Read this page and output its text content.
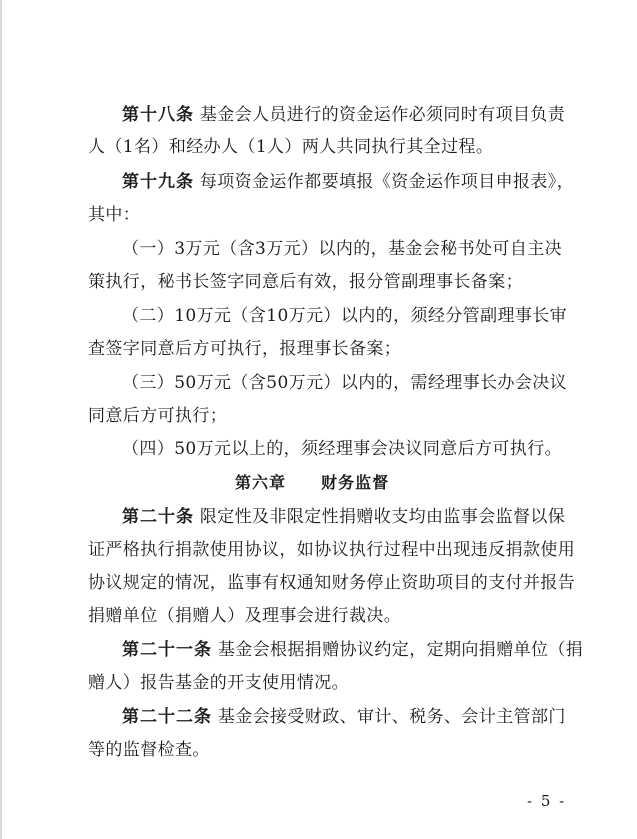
第十八条 基金会人员进行的资金运作必须同时有项目负责
人（1名）和经办人（1人）两人共同执行其全过程。
第十九条 每项资金运作都要填报《资金运作项目申报表》，
其中：
（一）3万元（含3万元）以内的，基金会秘书处可自主决
策执行，秘书长签字同意后有效，报分管副理事长备案；
（二）10万元（含10万元）以内的，须经分管副理事长审
查签字同意后方可执行，报理事长备案；
（三）50万元（含50万元）以内的，需经理事长办会决议
同意后方可执行；
（四）50万元以上的，须经理事会决议同意后方可执行。
第六章 财务监督
第二十条 限定性及非限定性捐赠收支均由监事会监督以保
证严格执行捐款使用协议，如协议执行过程中出现违反捐款使用
协议规定的情况，监事有权通知财务停止资助项目的支付并报告
捐赠单位（捐赠人）及理事会进行裁决。
第二十一条 基金会根据捐赠协议约定，定期向捐赠单位（捐
赠人）报告基金的开支使用情况。
第二十二条 基金会接受财政、审计、税务、会计主管部门
等的监督检查。
- 5 -
